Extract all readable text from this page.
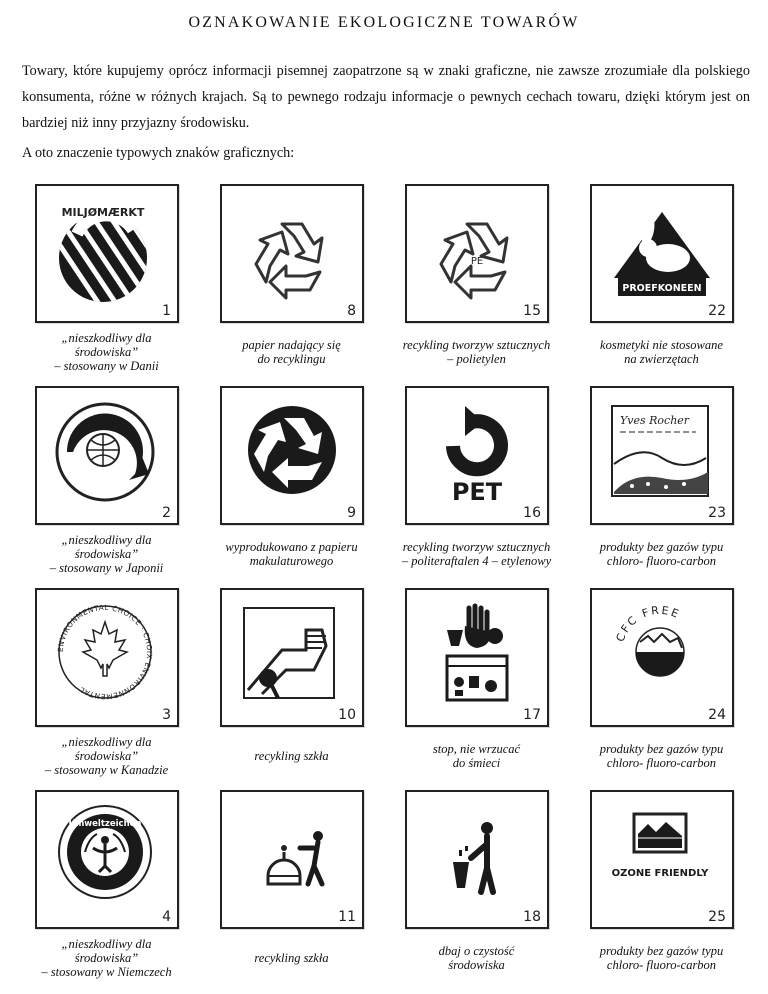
OZNAKOWANIE EKOLOGICZNE TOWARÓW
Towary, które kupujemy oprócz informacji pisemnej zaopatrzone są w znaki graficzne, nie zawsze zrozumiałe dla polskiego konsumenta, różne w różnych krajach. Są to pewnego rodzaju informacje o pewnych cechach towaru, dzięki którym jest on bardziej niż inny przyjazny środowisku.
A oto znaczenie typowych znaków graficznych:
MILJØMÆRKT
1
„nieszkodliwy dla
środowiska”
– stosowany w Danii
8
papier nadający się
do recyklingu
PE
15
recykling tworzyw sztucznych
– polietylen
PROEFKONEEN
22
kosmetyki nie stosowane
na zwierzętach
2
„nieszkodliwy dla
środowiska”
– stosowany w Japonii
9
wyprodukowano z papieru
makulaturowego
PET
16
recykling tworzyw sztucznych
– politeraftalen 4 – etylenowy
Yves Rocher
23
produkty bez gazów typu
chloro- fluoro-carbon
ENVIRONMENTAL CHOICE · CHOIX ENVIRONNEMENTAL
3
„nieszkodliwy dla
środowiska”
– stosowany w Kanadzie
10
recykling szkła
17
stop, nie wrzucać
do śmieci
CFC FREE
24
produkty bez gazów typu
chloro- fluoro-carbon
Umweltzeichen
4
„nieszkodliwy dla
środowiska”
– stosowany w Niemczech
11
recykling szkła
18
dbaj o czystość
środowiska
OZONE FRIENDLY
25
produkty bez gazów typu
chloro- fluoro-carbon
